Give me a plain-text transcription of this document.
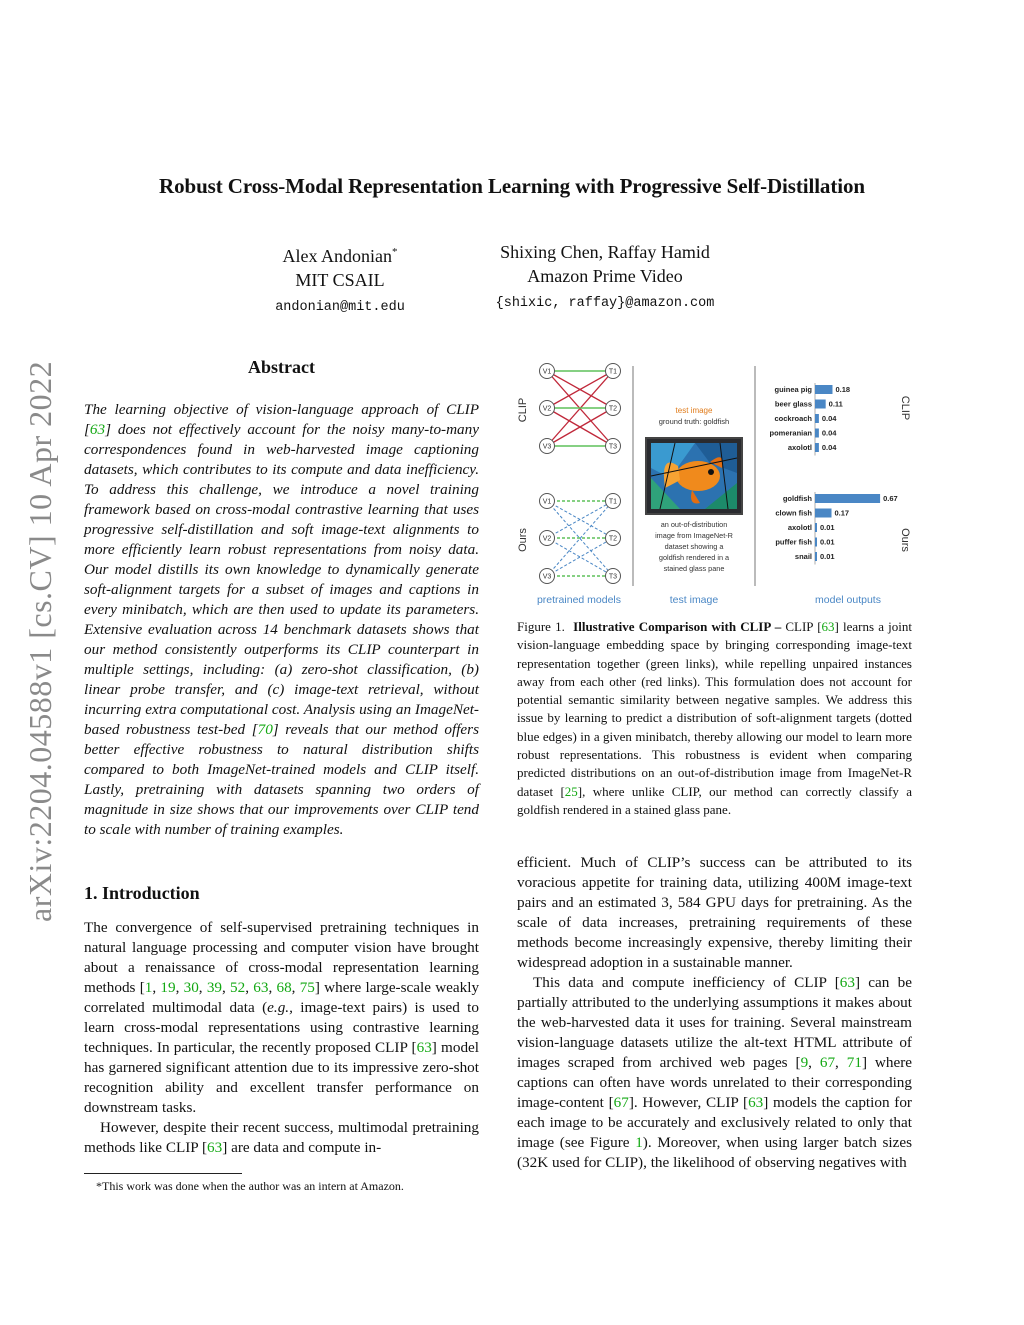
Robust Cross-Modal Representation Learning with Progressive Self-Distillation
Alex Andonian*
MIT CSAIL
andonian@mit.edu
Shixing Chen, Raffay Hamid
Amazon Prime Video
{shixic, raffay}@amazon.com
arXiv:2204.04588v1 [cs.CV] 10 Apr 2022	Abstract
The learning objective of vision-language approach of CLIP [63] does not effectively account for the noisy many-to-many correspondences found in web-harvested image captioning datasets, which contributes to its compute and data inefficiency. To address this challenge, we introduce a novel training framework based on cross-modal contrastive learning that uses progressive self-distillation and soft image-text alignments to more efficiently learn robust representations from noisy data. Our model distills its own knowledge to dynamically generate soft-alignment targets for a subset of images and captions in every minibatch, which are then used to update its parameters. Extensive evaluation across 14 benchmark datasets shows that our method consistently outperforms its CLIP counterpart in multiple settings, including: (a) zero-shot classification, (b) linear probe transfer, and (c) image-text retrieval, without incurring extra computational cost. Analysis using an ImageNet-based robustness test-bed [70] reveals that our method offers better effective robustness to natural distribution shifts compared to both ImageNet-trained models and CLIP itself. Lastly, pretraining with datasets spanning two orders of magnitude in size shows that our improvements over CLIP tend to scale with number of training examples.
1. Introduction

The convergence of self-supervised pretraining techniques in natural language processing and computer vision have brought about a renaissance of cross-modal representation learning methods [1, 19, 30, 39, 52, 63, 68, 75] where large-scale weakly correlated multimodal data (e.g., image-text pairs) is used to learn cross-modal representations using contrastive learning techniques. In particular, the recently proposed CLIP [63] model has garnered significant attention due to its impressive zero-shot recognition ability and excellent transfer performance on downstream tasks.

However, despite their recent success, multimodal pretraining methods like CLIP [63] are data and compute in-

*This work was done when the author was an intern at Amazon.
CLIP
Ours
V1
V2
V3
T1
T2
T3
V1
V2
V3
T1
T2
T3
test image
ground truth: goldfish
an out-of-distribution
image from ImageNet-R
dataset showing a
goldfish rendered in a
stained glass pane
guinea pig	0.18
beer glass 0.11
cockroach 0.04
pomeranian 0.04
axolotl 0.04
goldfish	0.67
clown fish	0.17
axolotl 0.01
puffer fish 0.01
snail 0.01
CLIP
Ours
pretrained models	test image	model outputs
Figure 1. Illustrative Comparison with CLIP – CLIP [63] learns a joint vision-language embedding space by bringing corresponding image-text representation together (green links), while repelling unpaired instances away from each other (red links). This formulation does not account for potential semantic similarity between negative samples. We address this issue by learning to predict a distribution of soft-alignment targets (dotted blue edges) in a given minibatch, thereby allowing our model to learn more robust representations. This robustness is evident when comparing predicted distributions on an out-of-distribution image from ImageNet-R dataset [25], where unlike CLIP, our method can correctly classify a goldfish rendered in a stained glass pane.

efficient. Much of CLIP’s success can be attributed to its voracious appetite for training data, utilizing 400M image-text pairs and an estimated 3, 584 GPU days for pretraining. As the scale of data increases, pretraining requirements of these methods become increasingly expensive, thereby limiting their widespread adoption in a sustainable manner.

This data and compute inefficiency of CLIP [63] can be partially attributed to the underlying assumptions it makes about the web-harvested data it uses for training. Several mainstream vision-language datasets utilize the alt-text HTML attribute of images scraped from archived web pages [9, 67, 71] where captions can often have words unrelated to their corresponding image-content [67]. However, CLIP [63] models the caption for each image to be accurately and exclusively related to only that image (see Figure 1). Moreover, when using larger batch sizes (32K used for CLIP), the likelihood of observing negatives with
